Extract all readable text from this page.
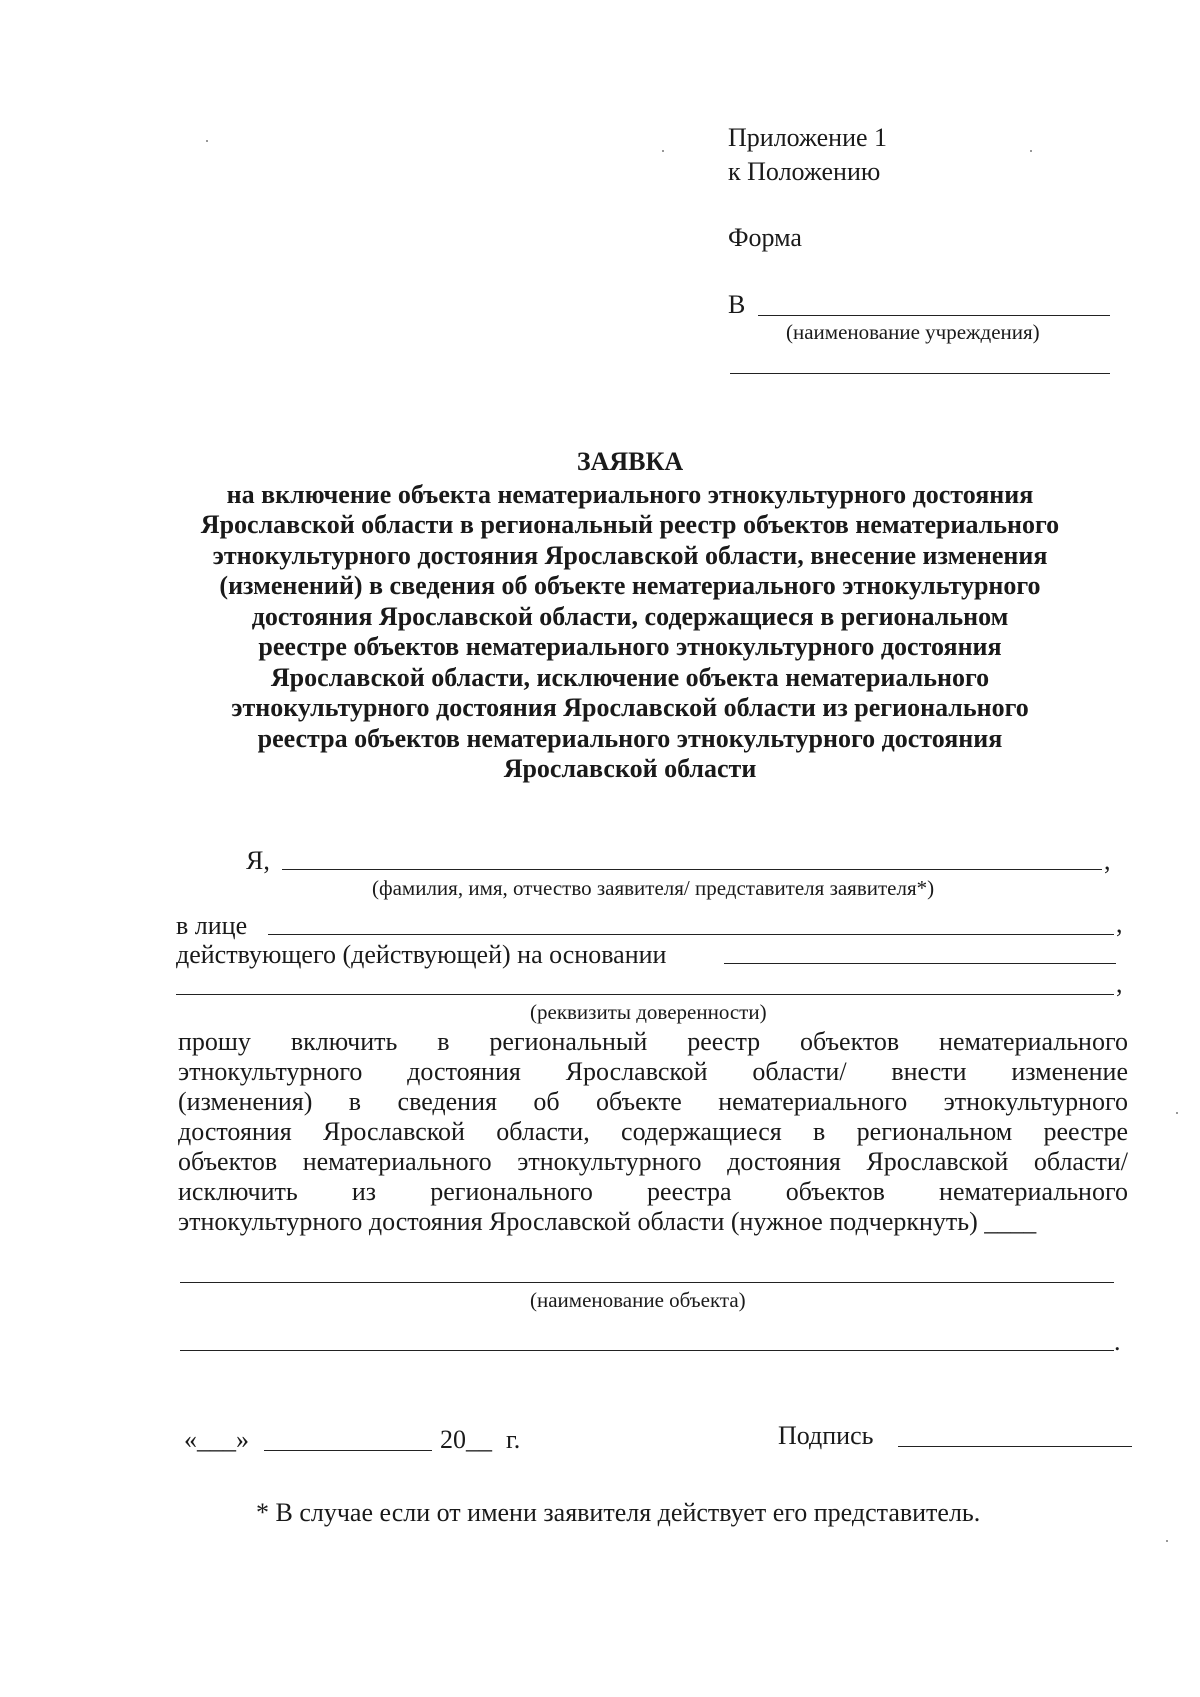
Приложение 1
к Положению
Форма
В
(наименование учреждения)
ЗАЯВКА
на включение объекта нематериального этнокультурного достояния
Ярославской области в региональный реестр объектов нематериального
этнокультурного достояния Ярославской области, внесение изменения
(изменений) в сведения об объекте нематериального этнокультурного
достояния Ярославской области, содержащиеся в региональном
реестре объектов нематериального этнокультурного достояния
Ярославской области, исключение объекта нематериального
этнокультурного достояния Ярославской области из регионального
реестра объектов нематериального этнокультурного достояния
Ярославской области
Я,	,
(фамилия, имя, отчество заявителя/ представителя заявителя*)
в лице	,
действующего (действующей) на основании
,
(реквизиты доверенности)
прошу включить в региональный реестр объектов нематериального
этнокультурного достояния Ярославской области/ внести изменение
(изменения) в сведения об объекте нематериального этнокультурного
достояния Ярославской области, содержащиеся в региональном реестре
объектов нематериального этнокультурного достояния Ярославской области/
исключить из регионального реестра объектов нематериального
этнокультурного достояния Ярославской области (нужное подчеркнуть) ____
(наименование объекта)
.
«___»	20__ г.	Подпись
* В случае если от имени заявителя действует его представитель.
